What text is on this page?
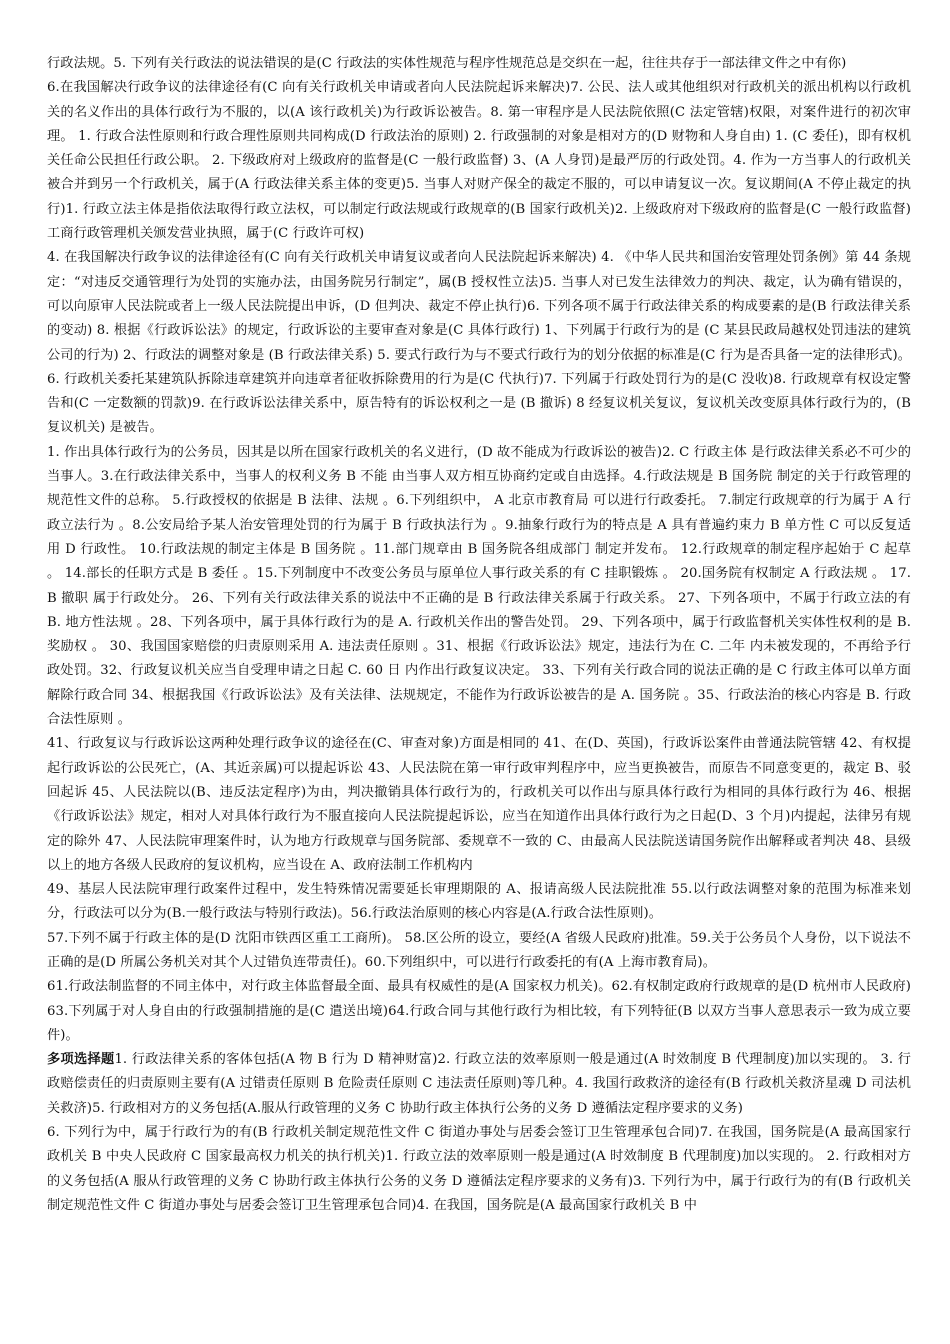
行政法规。5. 下列有关行政法的说法错误的是(C 行政法的实体性规范与程序性规范总是交织在一起，往往共存于一部法律文件之中有你)

6.在我国解决行政争议的法律途径有(C 向有关行政机关申请或者向人民法院起诉来解决)7. 公民、法人或其他组织对行政机关的派出机构以行政机关的名义作出的具体行政行为不服的，以(A 该行政机关)为行政诉讼被告。8. 第一审程序是人民法院依照(C 法定管辖)权限，对案件进行的初次审理。 1. 行政合法性原则和行政合理性原则共同构成(D 行政法治的原则) 2. 行政强制的对象是相对方的(D 财物和人身自由) 1. (C 委任)，即有权机关任命公民担任行政公职。 2. 下级政府对上级政府的监督是(C 一般行政监督) 3、(A 人身罚)是最严厉的行政处罚。4. 作为一方当事人的行政机关被合并到另一个行政机关，属于(A 行政法律关系主体的变更)5. 当事人对财产保全的裁定不服的，可以申请复议一次。复议期间(A 不停止裁定的执行)1. 行政立法主体是指依法取得行政立法权，可以制定行政法规或行政规章的(B 国家行政机关)2. 上级政府对下级政府的监督是(C 一般行政监督) 工商行政管理机关颁发营业执照，属于(C 行政许可权)

4. 在我国解决行政争议的法律途径有(C 向有关行政机关申请复议或者向人民法院起诉来解决) 4. 《中华人民共和国治安管理处罚条例》第 44 条规定：“对违反交通管理行为处罚的实施办法，由国务院另行制定”，属(B 授权性立法)5. 当事人对已发生法律效力的判决、裁定，认为确有错误的，可以向原审人民法院或者上一级人民法院提出申诉，(D 但判决、裁定不停止执行)6. 下列各项不属于行政法律关系的构成要素的是(B 行政法律关系的变动) 8. 根据《行政诉讼法》的规定，行政诉讼的主要审查对象是(C 具体行政行) 1、下列属于行政行为的是 (C 某县民政局越权处罚违法的建筑公司的行为) 2、行政法的调整对象是 (B 行政法律关系) 5. 要式行政行为与不要式行政行为的划分依据的标准是(C 行为是否具备一定的法律形式)。6. 行政机关委托某建筑队拆除违章建筑并向违章者征收拆除费用的行为是(C 代执行)7. 下列属于行政处罚行为的是(C 没收)8. 行政规章有权设定警告和(C 一定数额的罚款)9. 在行政诉讼法律关系中，原告特有的诉讼权利之一是 (B 撤诉) 8 经复议机关复议，复议机关改变原具体行政行为的，(B 复议机关) 是被告。

1. 作出具体行政行为的公务员，因其是以所在国家行政机关的名义进行，(D 故不能成为行政诉讼的被告)2. C 行政主体 是行政法律关系必不可少的当事人。3.在行政法律关系中，当事人的权利义务 B 不能 由当事人双方相互协商约定或自由选择。4.行政法规是 B 国务院 制定的关于行政管理的规范性文件的总称。 5.行政授权的依据是 B 法律、法规 。6.下列组织中， A 北京市教育局 可以进行行政委托。 7.制定行政规章的行为属于 A 行政立法行为 。8.公安局给予某人治安管理处罚的行为属于 B 行政执法行为 。9.抽象行政行为的特点是 A 具有普遍约束力 B 单方性 C 可以反复适用 D 行政性。 10.行政法规的制定主体是 B 国务院 。11.部门规章由 B 国务院各组成部门 制定并发布。 12.行政规章的制定程序起始于 C 起草 。 14.部长的任职方式是 B 委任 。15.下列制度中不改变公务员与原单位人事行政关系的有 C 挂职锻炼 。 20.国务院有权制定 A 行政法规 。 17. B 撤职 属于行政处分。 26、下列有关行政法律关系的说法中不正确的是 B 行政法律关系属于行政关系。 27、下列各项中，不属于行政立法的有 B. 地方性法规 。28、下列各项中，属于具体行政行为的是 A. 行政机关作出的警告处罚。 29、下列各项中，属于行政监督机关实体性权利的是 B. 奖励权 。 30、我国国家赔偿的归责原则采用 A. 违法责任原则 。31、根据《行政诉讼法》规定，违法行为在 C. 二年 内未被发现的，不再给予行政处罚。32、行政复议机关应当自受理申请之日起 C. 60 日 内作出行政复议决定。 33、下列有关行政合同的说法正确的是 C 行政主体可以单方面解除行政合同 34、根据我国《行政诉讼法》及有关法律、法规规定，不能作为行政诉讼被告的是 A. 国务院 。35、行政法治的核心内容是 B. 行政合法性原则 。

41、行政复议与行政诉讼这两种处理行政争议的途径在(C、审查对象)方面是相同的 41、在(D、英国)，行政诉讼案件由普通法院管辖 42、有权提起行政诉讼的公民死亡，(A、其近亲属)可以提起诉讼 43、人民法院在第一审行政审判程序中，应当更换被告，而原告不同意变更的，裁定 B、驳回起诉 45、人民法院以(B、违反法定程序)为由，判决撤销具体行政行为的，行政机关可以作出与原具体行政行为相同的具体行政行为 46、根据《行政诉讼法》规定，相对人对具体行政行为不服直接向人民法院提起诉讼，应当在知道作出具体行政行为之日起(D、3 个月)内提起，法律另有规定的除外 47、人民法院审理案件时，认为地方行政规章与国务院部、委规章不一致的 C、由最高人民法院送请国务院作出解释或者判决 48、县级以上的地方各级人民政府的复议机构，应当设在 A、政府法制工作机构内

49、基层人民法院审理行政案件过程中，发生特殊情况需要延长审理期限的 A、报请高级人民法院批准 55.以行政法调整对象的范围为标准来划分，行政法可以分为(B.一般行政法与特别行政法)。56.行政法治原则的核心内容是(A.行政合法性原则)。

57.下列不属于行政主体的是(D 沈阳市铁西区重工工商所)。 58.区公所的设立，要经(A 省级人民政府)批准。59.关于公务员个人身份，以下说法不正确的是(D 所属公务机关对其个人过错负连带责任)。60.下列组织中，可以进行行政委托的有(A 上海市教育局)。

61.行政法制监督的不同主体中，对行政主体监督最全面、最具有权威性的是(A 国家权力机关)。62.有权制定政府行政规章的是(D 杭州市人民政府)63.下列属于对人身自由的行政强制措施的是(C 遣送出境)64.行政合同与其他行政行为相比较，有下列特征(B 以双方当事人意思表示一致为成立要件)。

多项选择题1. 行政法律关系的客体包括(A 物 B 行为 D 精神财富)2. 行政立法的效率原则一般是通过(A 时效制度 B 代理制度)加以实现的。 3. 行政赔偿责任的归责原则主要有(A 过错责任原则 B 危险责任原则 C 违法责任原则)等几种。4. 我国行政救济的途径有(B 行政机关救济星魂 D 司法机关救济)5. 行政相对方的义务包括(A.服从行政管理的义务 C 协助行政主体执行公务的义务 D 遵循法定程序要求的义务)

6. 下列行为中，属于行政行为的有(B 行政机关制定规范性文件 C 街道办事处与居委会签订卫生管理承包合同)7. 在我国，国务院是(A 最高国家行政机关 B 中央人民政府 C 国家最高权力机关的执行机关)1. 行政立法的效率原则一般是通过(A 时效制度 B 代理制度)加以实现的。 2. 行政相对方的义务包括(A 服从行政管理的义务 C 协助行政主体执行公务的义务 D 遵循法定程序要求的义务有)3. 下列行为中，属于行政行为的有(B 行政机关制定规范性文件 C 街道办事处与居委会签订卫生管理承包合同)4. 在我国，国务院是(A 最高国家行政机关 B 中
